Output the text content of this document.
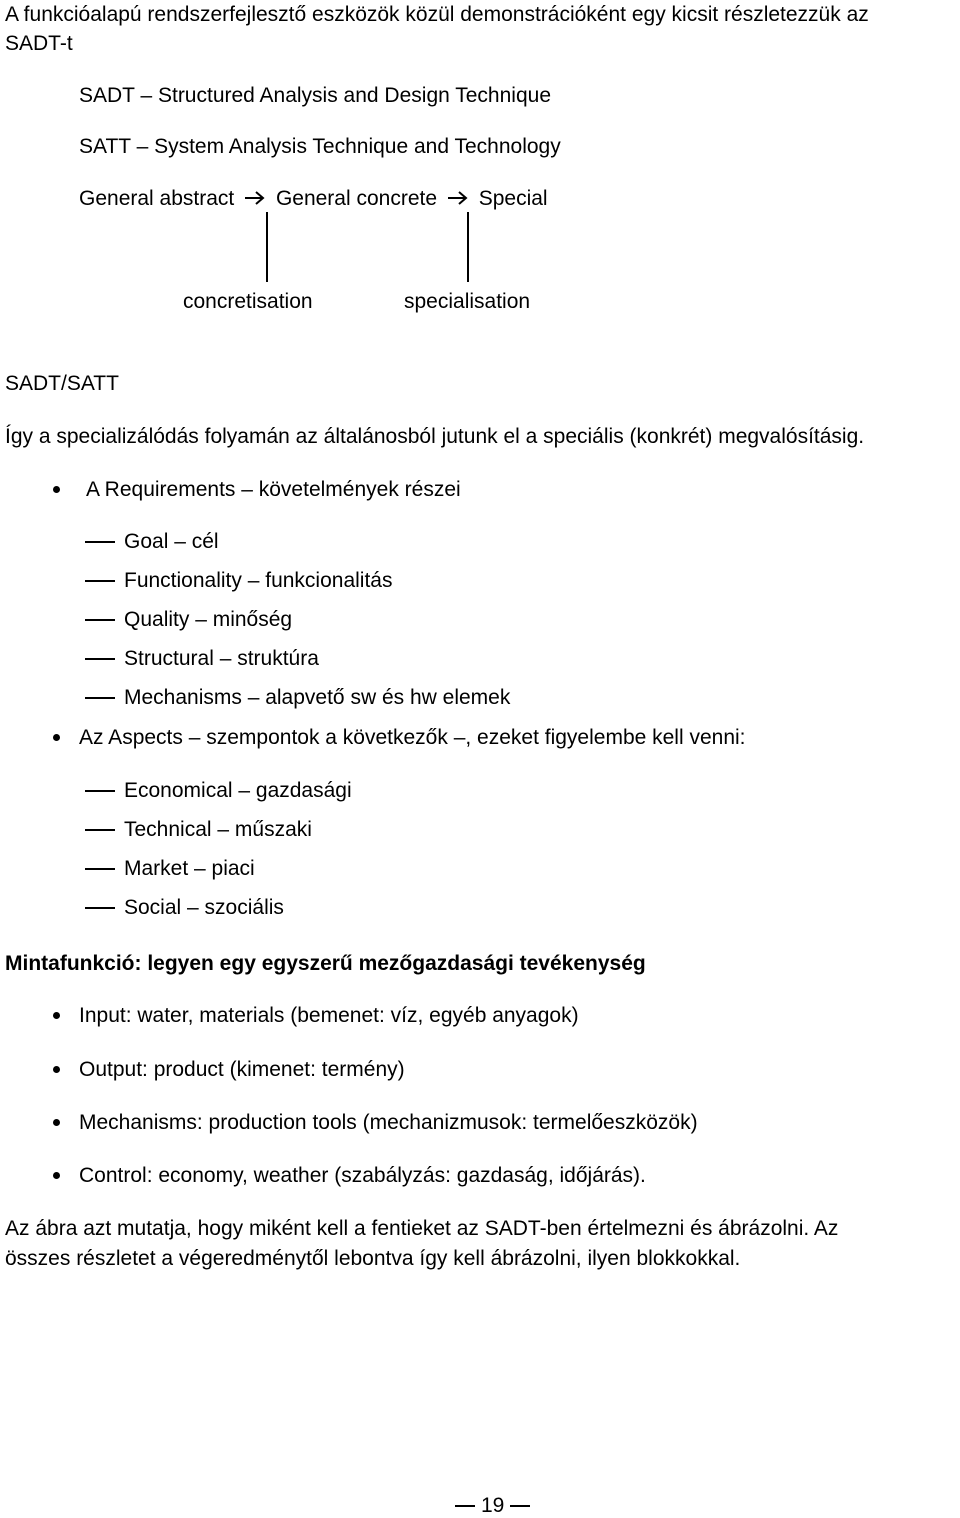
A funkcióalapú rendszerfejlesztő eszközök közül demonstrációként egy kicsit részletezzük az
SADT-t
SADT – Structured Analysis and Design Technique
SATT – System Analysis Technique and Technology
General abstract General concrete Special
concretisation	specialisation
SADT/SATT
Így a specializálódás folyamán az általánosból jutunk el a speciális (konkrét) megvalósításig.
A Requirements – követelmények részei
Goal – cél
Functionality – funkcionalitás
Quality – minőség
Structural – struktúra
Mechanisms – alapvető sw és hw elemek
Az Aspects – szempontok a következők –, ezeket figyelembe kell venni:
Economical – gazdasági
Technical – műszaki
Market – piaci
Social – szociális
Mintafunkció: legyen egy egyszerű mezőgazdasági tevékenység
Input: water, materials (bemenet: víz, egyéb anyagok)
Output: product (kimenet: termény)
Mechanisms: production tools (mechanizmusok: termelőeszközök)
Control: economy, weather (szabályzás: gazdaság, időjárás).
Az ábra azt mutatja, hogy miként kell a fentieket az SADT-ben értelmezni és ábrázolni. Az
összes részletet a végeredménytől lebontva így kell ábrázolni, ilyen blokkokkal.
19
